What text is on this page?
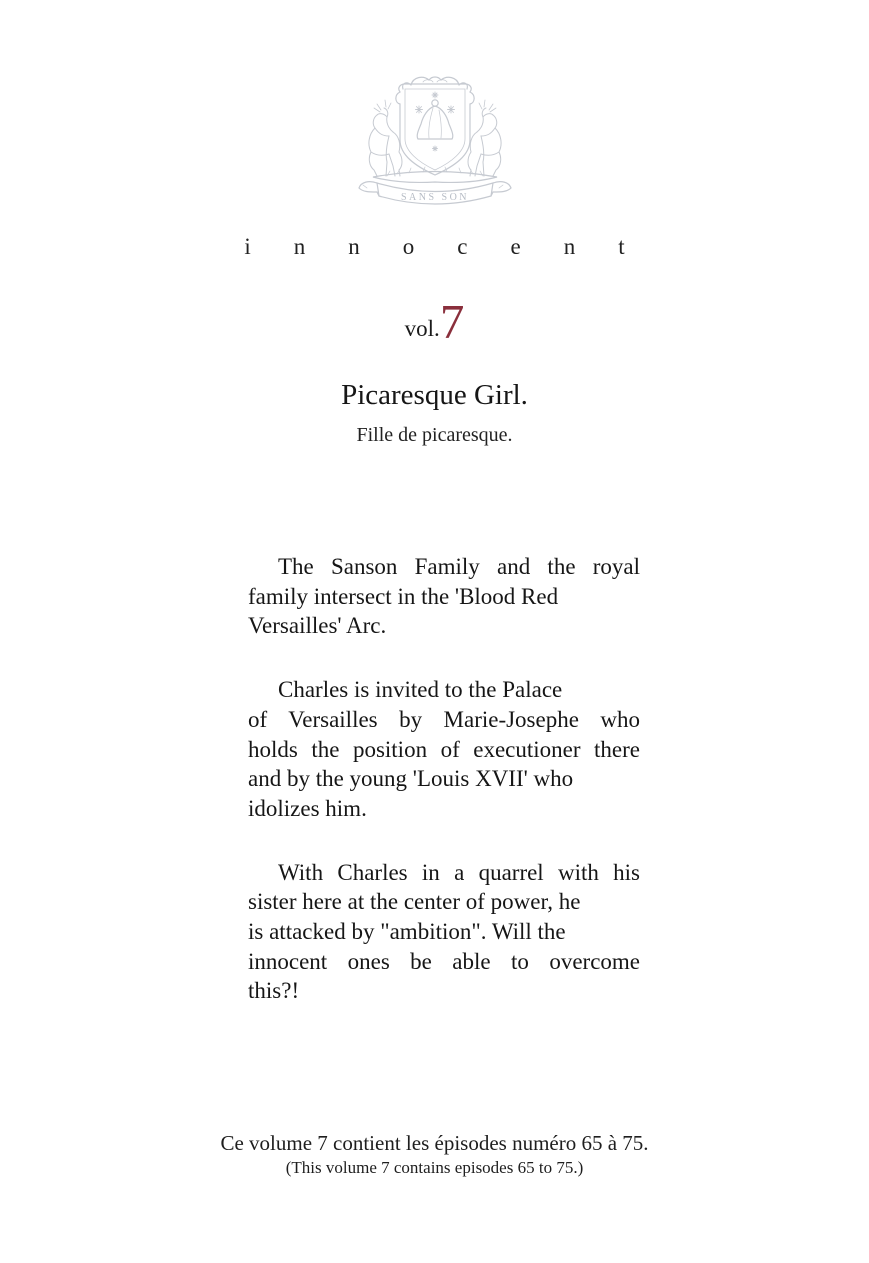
SANS SON
innocent
vol. 7
Picaresque Girl.
Fille de picaresque.
The Sanson Family and the royal
family intersect in the 'Blood Red
Versailles' Arc.
Charles is invited to the Palace
of Versailles by Marie-Josephe who
holds the position of executioner there
and by the young 'Louis XVII' who
idolizes him.
With Charles in a quarrel with his
sister here at the center of power, he
is attacked by "ambition". Will the
innocent ones be able to overcome
this?!
Ce volume 7 contient les épisodes numéro 65 à 75.
(This volume 7 contains episodes 65 to 75.)
